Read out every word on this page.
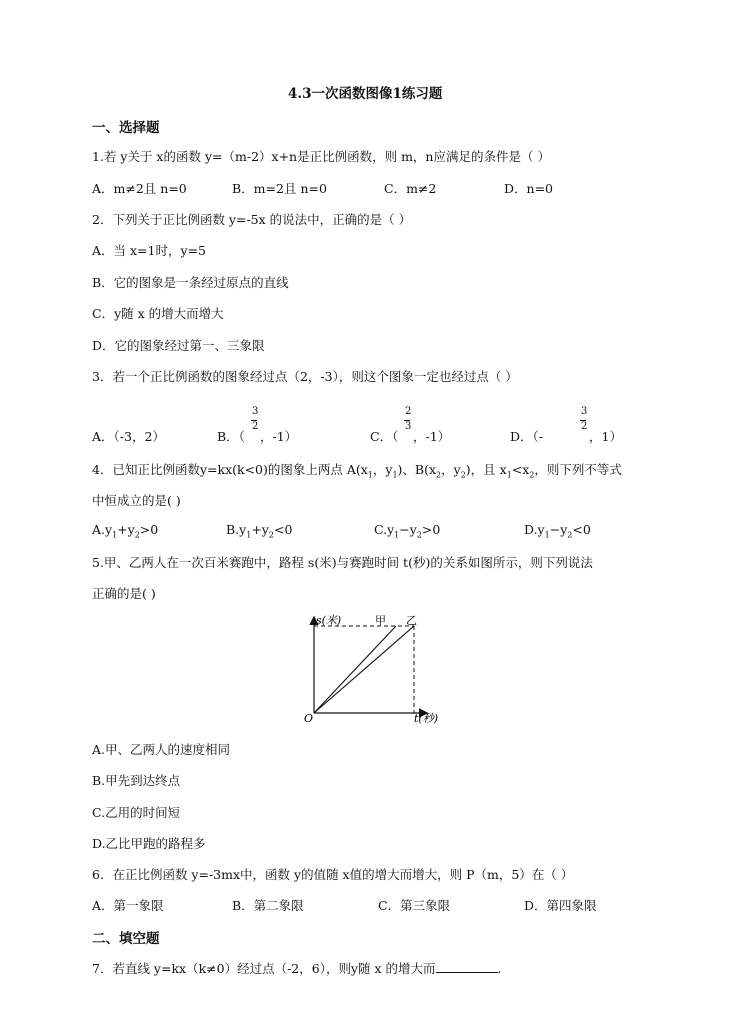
4.3一次函数图像1练习题
一、选择题
1.若 y关于 x的函数 y=（m-2）x+n是正比例函数，则 m，n应满足的条件是（ ）
A．m≠2且 n=0	B．m=2且 n=0	C．m≠2	D．n=0
2．下列关于正比例函数 y=-5x 的说法中，正确的是（ ）
A．当 x=1时，y=5
B．它的图象是一条经过原点的直线
C．y随 x 的增大而增大
D．它的图象经过第一、三象限
3．若一个正比例函数的图象经过点（2，-3），则这个图象一定也经过点（ ）
A．（-3，2）	B．（
3
2
，-1）	C．（
2
3
，-1）	D．（-
3
2
，1）
4．已知正比例函数y=kx(k<0)的图象上两点 $A(x_1$，$y_1$)、$B(x_2$，$y_2$)，且 $x_1<x_2$，则下列不等式
中恒成立的是( )
$A.y_1+y_2>0$	$B.y_1+y_2<0$	$C.y_1-y_2>0$	$D.y_1-y_2<0$
5.甲、乙两人在一次百米赛跑中，路程 s(米)与赛跑时间 t(秒)的关系如图所示，则下列说法
正确的是( )
s(米)	甲 乙
O	t(秒)
A.甲、乙两人的速度相同
B.甲先到达终点
C.乙用的时间短
D.乙比甲跑的路程多
6．在正比例函数 y=-3mx中，函数 y的值随 x值的增大而增大，则 P（m，5）在（ ）
A．第一象限	B．第二象限	C．第三象限	D．第四象限
二、填空题
7．若直线 y=kx（k≠0）经过点（-2，6），则y随 x 的增大而	.
